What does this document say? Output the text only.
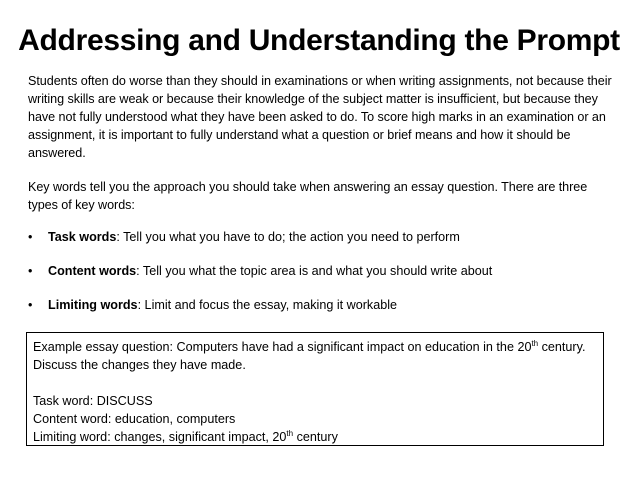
Addressing and Understanding the Prompt
Students often do worse than they should in examinations or when writing assignments, not because their writing skills are weak or because their knowledge of the subject matter is insufficient, but because they have not fully understood what they have been asked to do. To score high marks in an examination or an assignment, it is important to fully understand what a question or brief means and how it should be answered.
Key words tell you the approach you should take when answering an essay question. There are three types of key words:
• Task words: Tell you what you have to do; the action you need to perform
• Content words: Tell you what the topic area is and what you should write about
• Limiting words: Limit and focus the essay, making it workable
Example essay question: Computers have had a significant impact on education in the 20th century.
Discuss the changes they have made.
Task word: DISCUSS
Content word: education, computers
Limiting word: changes, significant impact, 20th century
